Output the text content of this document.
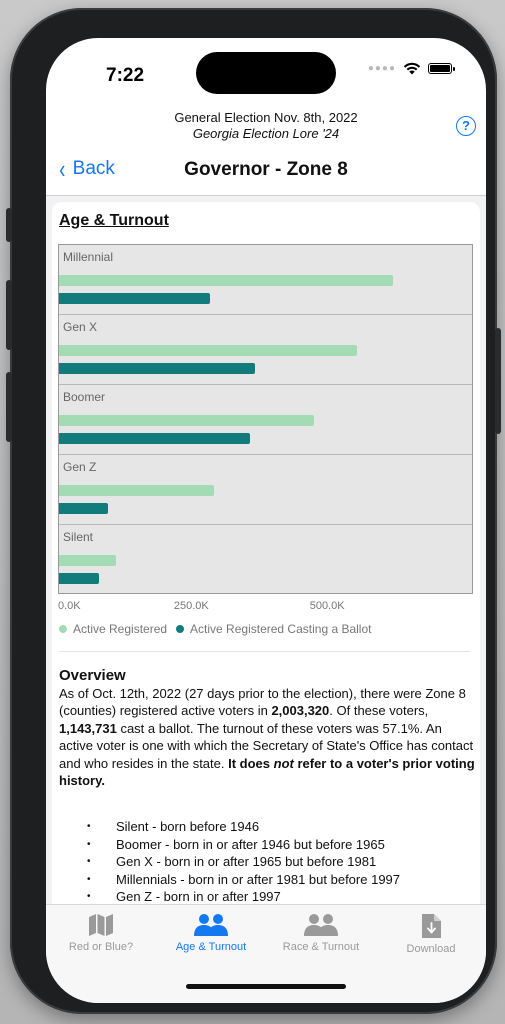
7:22	●●●●
General Election Nov. 8th, 2022
Georgia Election Lore '24
?
‹ Back	Governor - Zone 8
Age & Turnout
Millennial
Gen X
Boomer
Gen Z
Silent
0.0K	250.0K	500.0K
Active Registered Active Registered Casting a Ballot
Overview
As of Oct. 12th, 2022 (27 days prior to the election), there were Zone 8 (counties) registered active voters in 2,003,320. Of these voters, 1,143,731 cast a ballot. The turnout of these voters was 57.1%. An active voter is one with which the Secretary of State's Office has contact and who resides in the state. It does not refer to a voter's prior voting history.
• Silent - born before 1946
• Boomer - born in or after 1946 but before 1965
• Gen X - born in or after 1965 but before 1981
• Millennials - born in or after 1981 but before 1997
• Gen Z - born in or after 1997
Red or Blue?	Age & Turnout	Race & Turnout	Download
